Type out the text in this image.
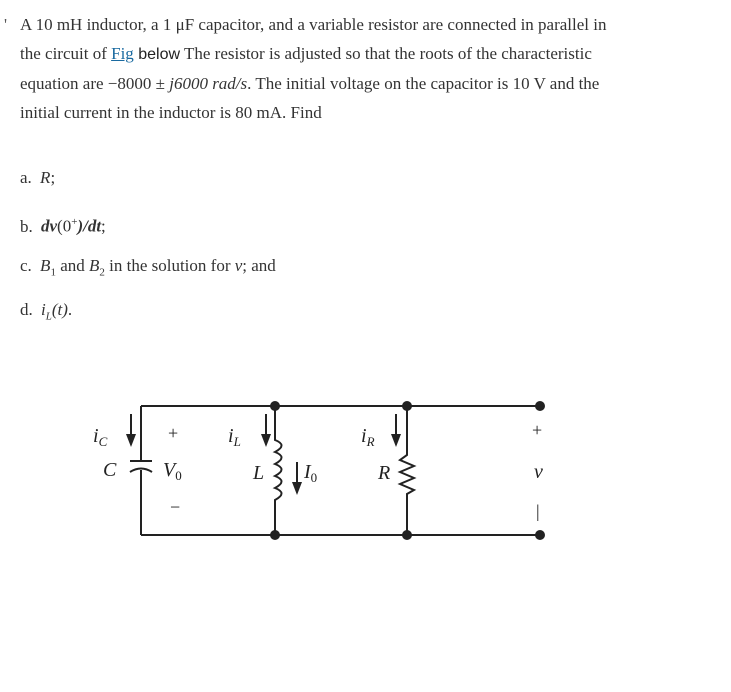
' A 10 mH inductor, a 1 μF capacitor, and a variable resistor are connected in parallel in
the circuit of Fig below The resistor is adjusted so that the roots of the characteristic
equation are −8000 ± j6000 rad/s. The initial voltage on the capacitor is 10 V and the
initial current in the inductor is 80 mA. Find
a. R;
b. dv(0+)/dt;
c. $B_1$ and $B_2$ in the solution for v; and
d. $i_L(t)$.
$i_C$
C
+
$V_0$
−
$i_L$
L $I_0$
$i_R$
R
+
v
|
